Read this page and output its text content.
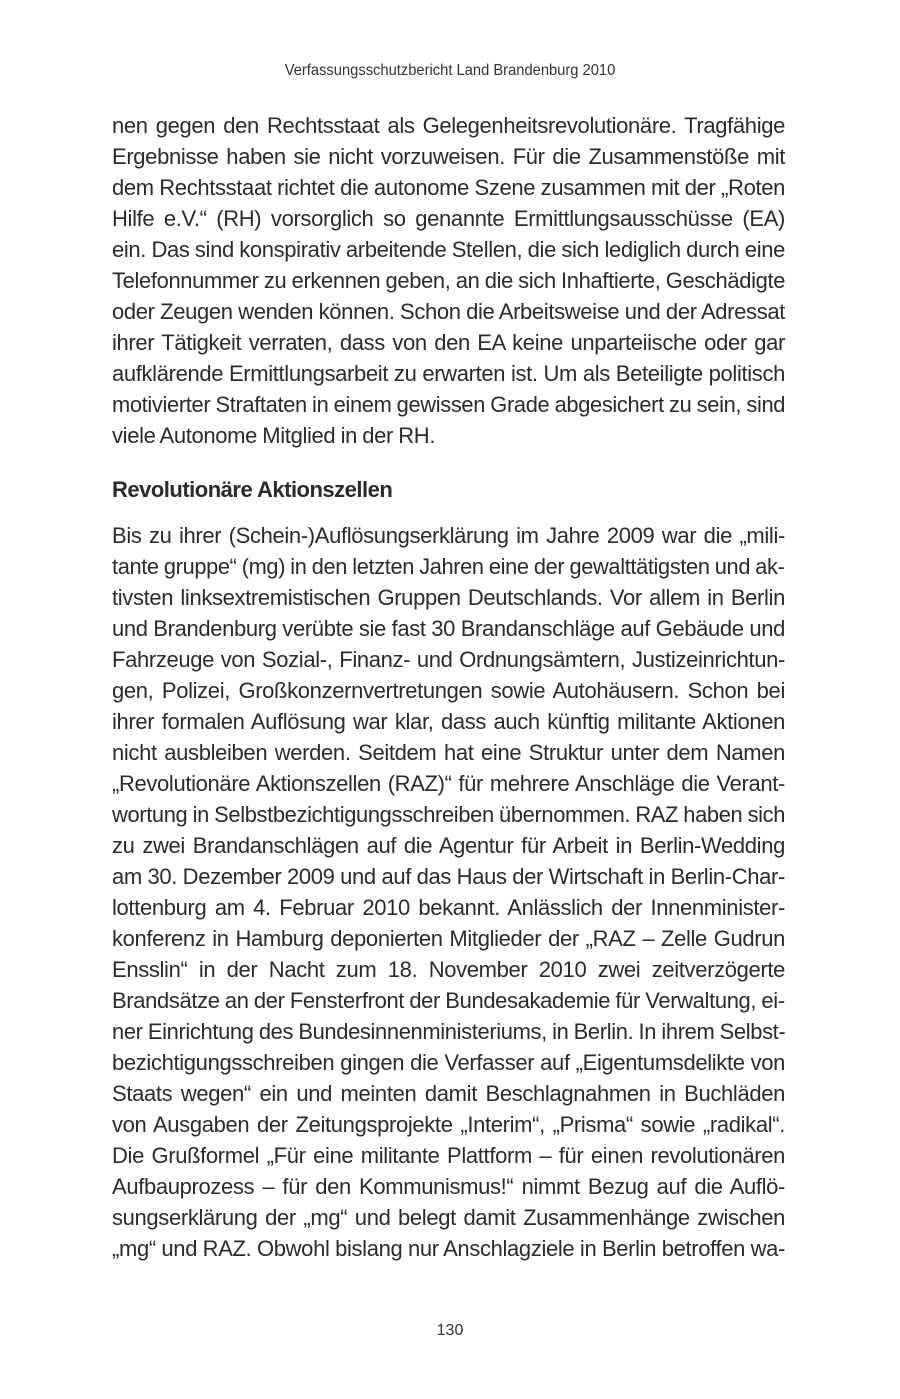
Verfassungsschutzbericht Land Brandenburg 2010
nen gegen den Rechtsstaat als Gelegenheitsrevolutionäre. Tragfähige
Ergebnisse haben sie nicht vorzuweisen. Für die Zusammenstöße mit
dem Rechtsstaat richtet die autonome Szene zusammen mit der „Roten
Hilfe e.V.“ (RH) vorsorglich so genannte Ermittlungsausschüsse (EA)
ein. Das sind konspirativ arbeitende Stellen, die sich lediglich durch eine
Telefonnummer zu erkennen geben, an die sich Inhaftierte, Geschädigte
oder Zeugen wenden können. Schon die Arbeitsweise und der Adressat
ihrer Tätigkeit verraten, dass von den EA keine unparteiische oder gar
aufklärende Ermittlungsarbeit zu erwarten ist. Um als Beteiligte politisch
motivierter Straftaten in einem gewissen Grade abgesichert zu sein, sind
viele Autonome Mitglied in der RH.
Revolutionäre Aktionszellen
Bis zu ihrer (Schein-)Auflösungserklärung im Jahre 2009 war die „mili-
tante gruppe“ (mg) in den letzten Jahren eine der gewalttätigsten und ak-
tivsten linksextremistischen Gruppen Deutschlands. Vor allem in Berlin
und Brandenburg verübte sie fast 30 Brandanschläge auf Gebäude und
Fahrzeuge von Sozial-, Finanz- und Ordnungsämtern, Justizeinrichtun-
gen, Polizei, Großkonzernvertretungen sowie Autohäusern. Schon bei
ihrer formalen Auflösung war klar, dass auch künftig militante Aktionen
nicht ausbleiben werden. Seitdem hat eine Struktur unter dem Namen
„Revolutionäre Aktionszellen (RAZ)“ für mehrere Anschläge die Verant-
wortung in Selbstbezichtigungsschreiben übernommen. RAZ haben sich
zu zwei Brandanschlägen auf die Agentur für Arbeit in Berlin-Wedding
am 30. Dezember 2009 und auf das Haus der Wirtschaft in Berlin-Char-
lottenburg am 4. Februar 2010 bekannt. Anlässlich der Innenminister-
konferenz in Hamburg deponierten Mitglieder der „RAZ – Zelle Gudrun
Ensslin“ in der Nacht zum 18. November 2010 zwei zeitverzögerte
Brandsätze an der Fensterfront der Bundesakademie für Verwaltung, ei-
ner Einrichtung des Bundesinnenministeriums, in Berlin. In ihrem Selbst-
bezichtigungsschreiben gingen die Verfasser auf „Eigentumsdelikte von
Staats wegen“ ein und meinten damit Beschlagnahmen in Buchläden
von Ausgaben der Zeitungsprojekte „Interim“, „Prisma“ sowie „radikal“.
Die Grußformel „Für eine militante Plattform – für einen revolutionären
Aufbauprozess – für den Kommunismus!“ nimmt Bezug auf die Auflö-
sungserklärung der „mg“ und belegt damit Zusammenhänge zwischen
„mg“ und RAZ. Obwohl bislang nur Anschlagziele in Berlin betroffen wa-
130
